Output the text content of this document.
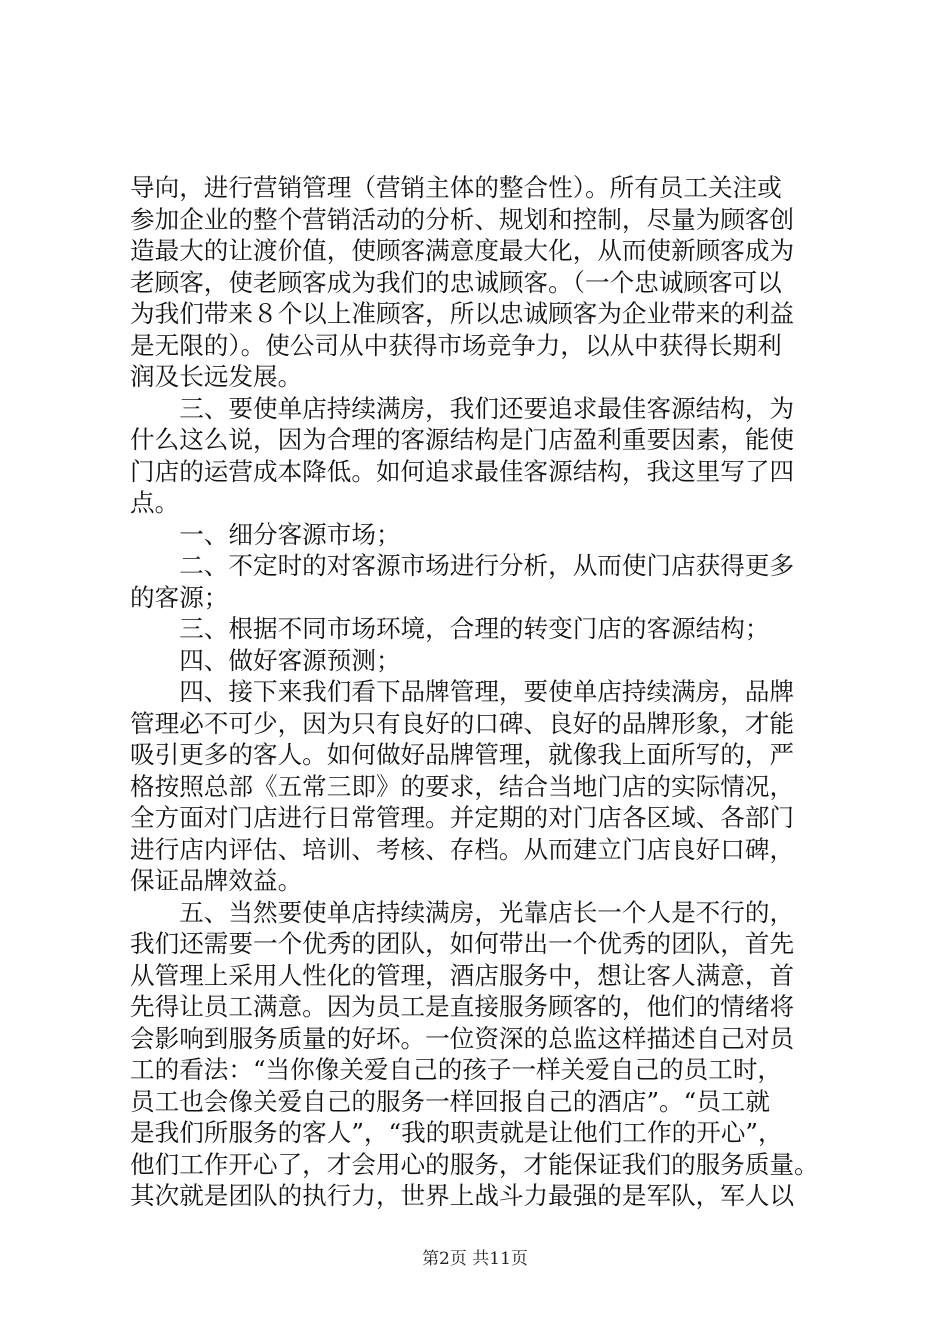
导向，进行营销管理（营销主体的整合性）。所有员工关注或
参加企业的整个营销活动的分析、规划和控制，尽量为顾客创
造最大的让渡价值，使顾客满意度最大化，从而使新顾客成为
老顾客，使老顾客成为我们的忠诚顾客。（一个忠诚顾客可以
为我们带来８个以上准顾客，所以忠诚顾客为企业带来的利益
是无限的）。使公司从中获得市场竞争力，以从中获得长期利
润及长远发展。
　　三、要使单店持续满房，我们还要追求最佳客源结构，为
什么这么说，因为合理的客源结构是门店盈利重要因素，能使
门店的运营成本降低。如何追求最佳客源结构，我这里写了四
点。
　　一、细分客源市场；
　　二、不定时的对客源市场进行分析，从而使门店获得更多
的客源；
　　三、根据不同市场环境，合理的转变门店的客源结构；
　　四、做好客源预测；
　　四、接下来我们看下品牌管理，要使单店持续满房，品牌
管理必不可少，因为只有良好的口碑、良好的品牌形象，才能
吸引更多的客人。如何做好品牌管理，就像我上面所写的，严
格按照总部《五常三即》的要求，结合当地门店的实际情况，
全方面对门店进行日常管理。并定期的对门店各区域、各部门
进行店内评估、培训、考核、存档。从而建立门店良好口碑，
保证品牌效益。
　　五、当然要使单店持续满房，光靠店长一个人是不行的，
我们还需要一个优秀的团队，如何带出一个优秀的团队，首先
从管理上采用人性化的管理，酒店服务中，想让客人满意，首
先得让员工满意。因为员工是直接服务顾客的，他们的情绪将
会影响到服务质量的好坏。一位资深的总监这样描述自己对员
工的看法：“当你像关爱自己的孩子一样关爱自己的员工时，
员工也会像关爱自己的服务一样回报自己的酒店”。“员工就
是我们所服务的客人”，“我的职责就是让他们工作的开心”，
他们工作开心了，才会用心的服务，才能保证我们的服务质量。
其次就是团队的执行力，世界上战斗力最强的是军队，军人以
第2页 共11页
